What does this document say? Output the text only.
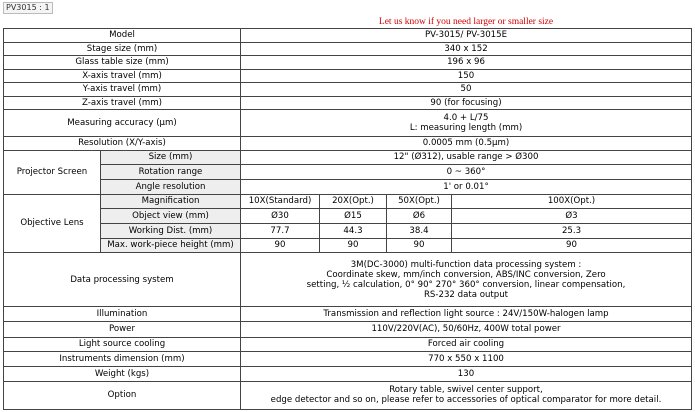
PV3015 : 1
		Let us know if you need larger or smaller size			
Model		PV-3015/ PV-3015E			
Stage size (mm)		340 x 152			
Glass table size (mm)		196 x 96			
X-axis travel (mm)		150			
Y-axis travel (mm)		50			
Z-axis travel (mm)		90 (for focusing)			
Measuring accuracy (µm)		4.0 + L/75
L: measuring length (mm)			

Resolution (X/Y-axis)		0.0005 mm (0.5µm)			
Projector Screen	Size (mm)	12" (Ø312), usable range > Ø300			
	Rotation range	0 ~ 360°			
	Angle resolution	1' or 0.01°			
Objective Lens	Magnification	10X(Standard)	20X(Opt.)	50X(Opt.)	100X(Opt.)
	Object view (mm)	Ø30	Ø15	Ø6	Ø3
	Working Dist. (mm)	77.7	44.3	38.4	25.3
	Max. work-piece height (mm)	90	90	90	90
Data processing system		3M(DC-3000) multi-function data processing system :
Coordinate skew, mm/inch conversion, ABS/INC conversion, Zero
setting, ½ calculation, 0° 90° 270° 360° conversion, linear compensation,
RS-232 data output			

Illumination		Transmission and reflection light source : 24V/150W-halogen lamp			
Power		110V/220V(AC), 50/60Hz, 400W total power			
Light source cooling		Forced air cooling			
Instruments dimension (mm)		770 x 550 x 1100			
Weight (kgs)		130			
Option		Rotary table, swivel center support,
edge detector and so on, please refer to accessories of optical comparator for more detail.			
